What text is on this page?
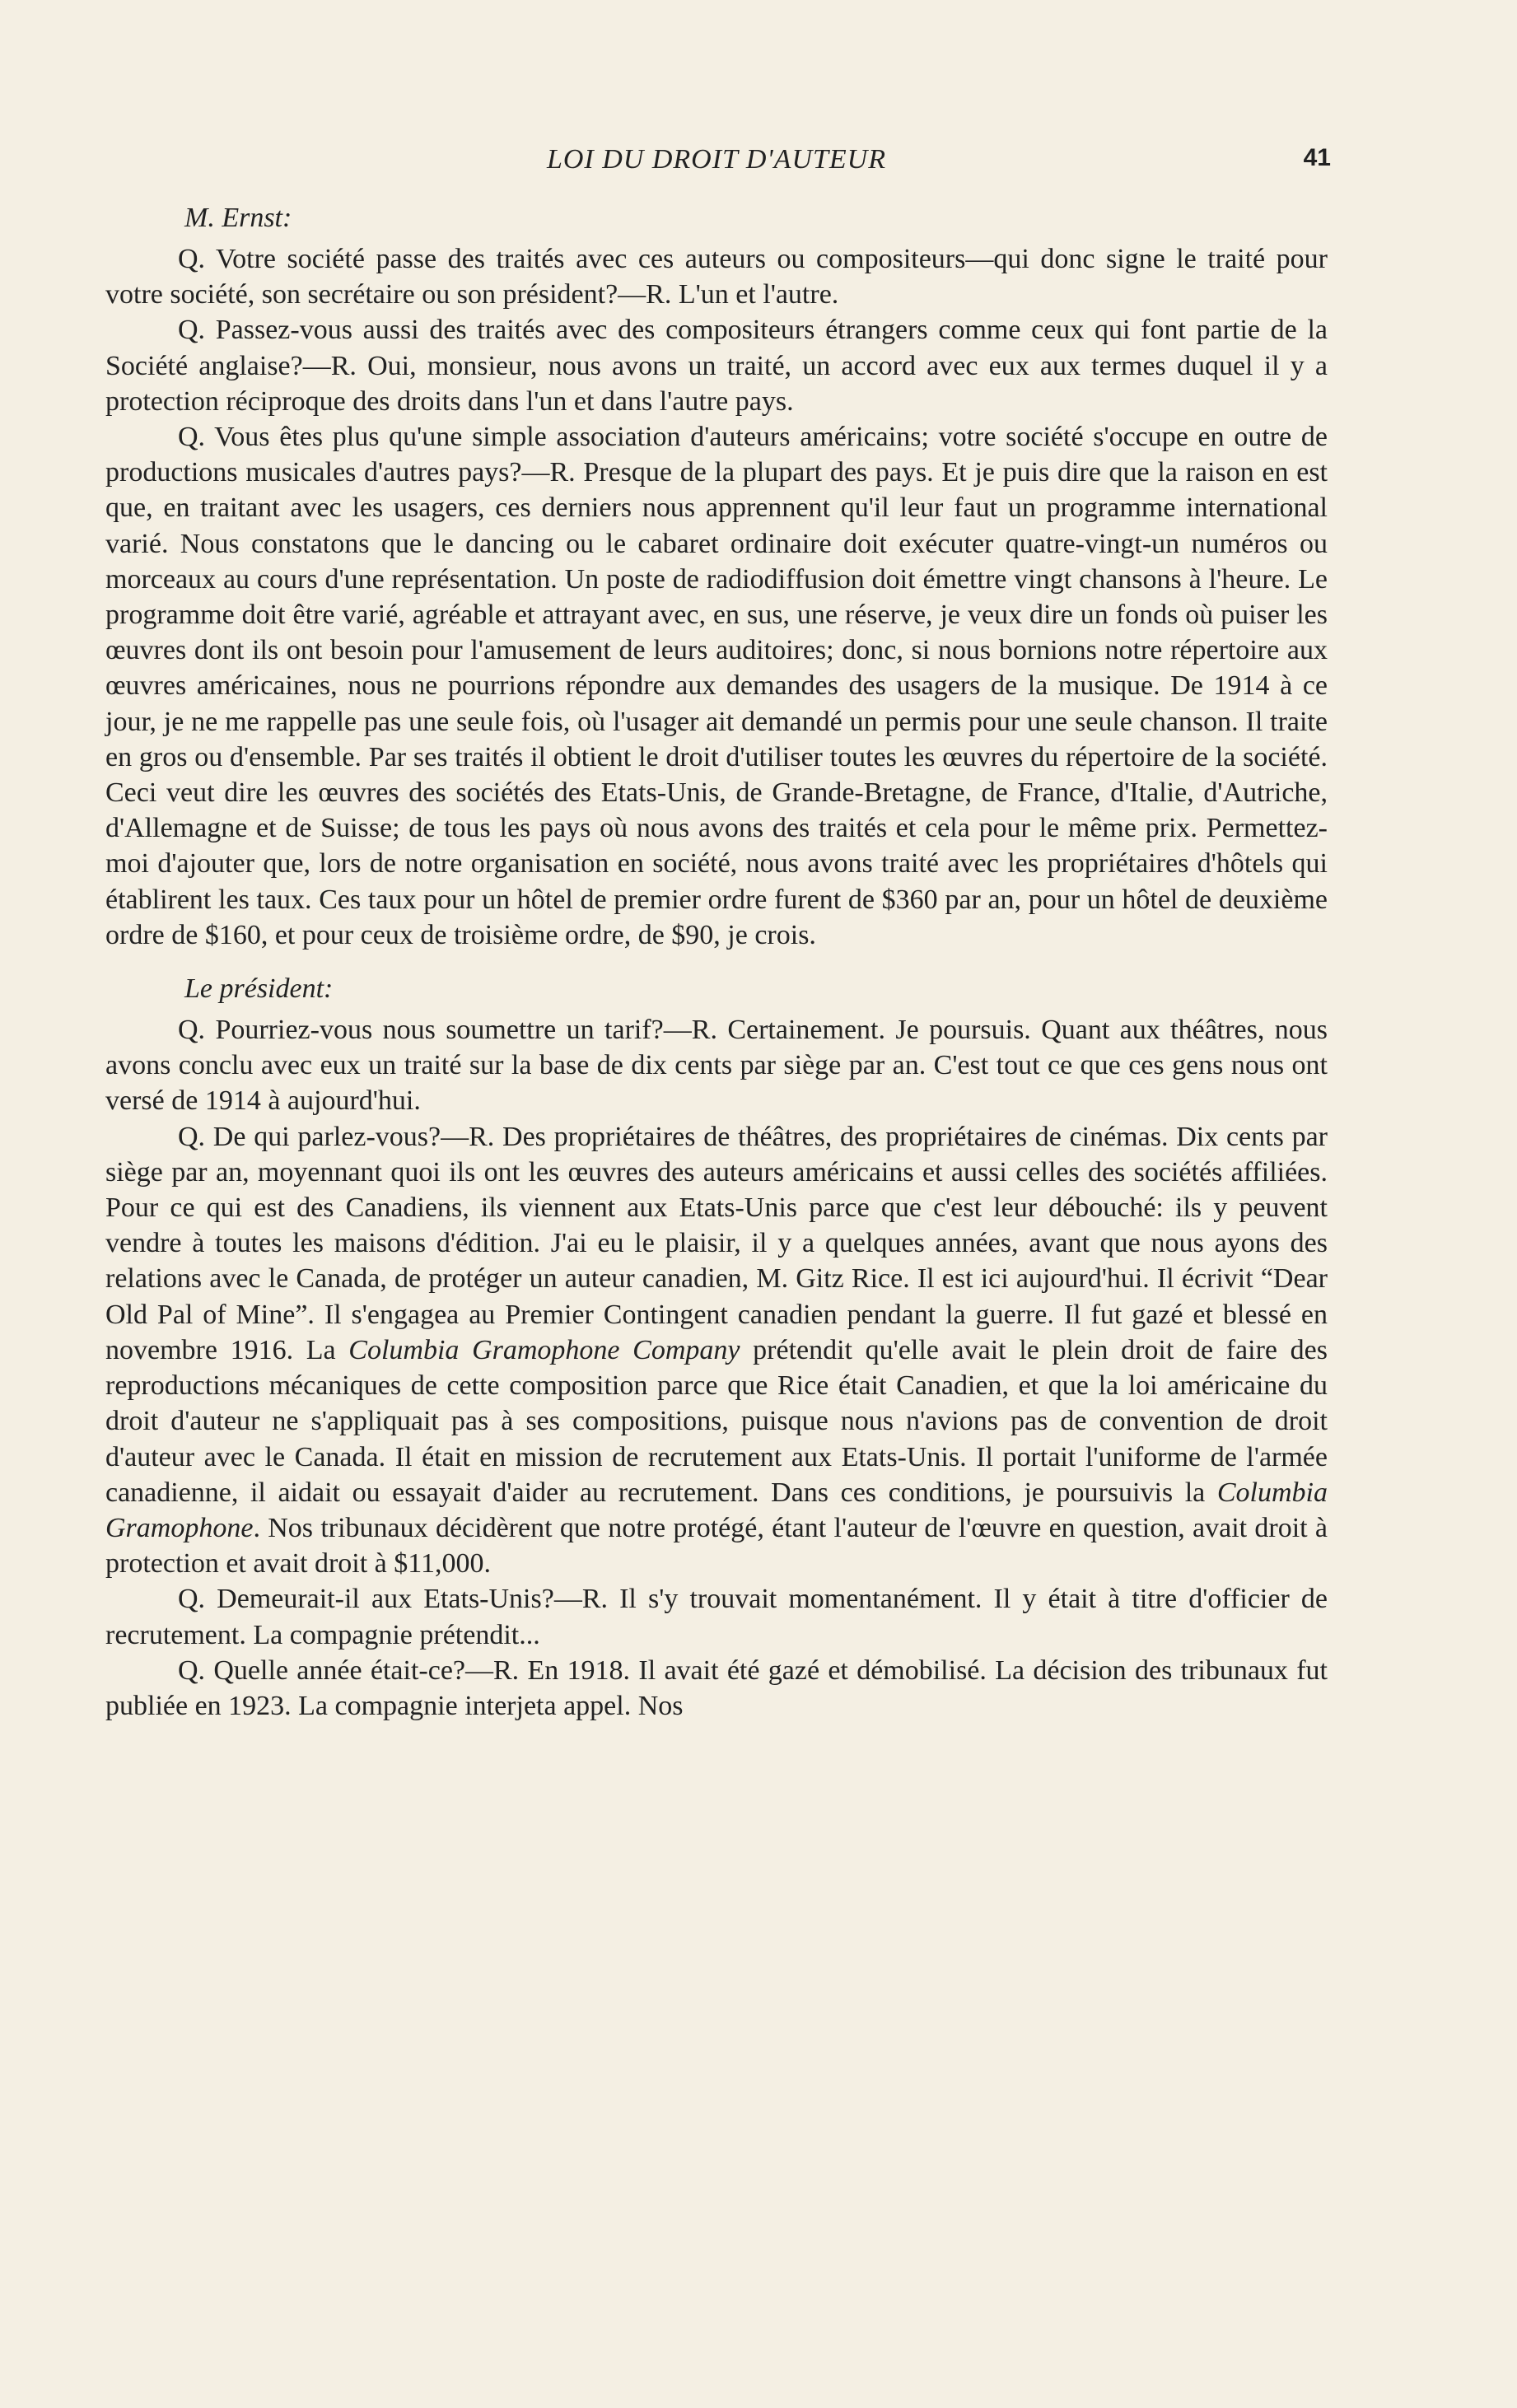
LOI DU DROIT D'AUTEUR	41
M. Ernst:

Q. Votre société passe des traités avec ces auteurs ou compositeurs—qui donc signe le traité pour votre société, son secrétaire ou son président?—R. L'un et l'autre.

Q. Passez-vous aussi des traités avec des compositeurs étrangers comme ceux qui font partie de la Société anglaise?—R. Oui, monsieur, nous avons un traité, un accord avec eux aux termes duquel il y a protection réciproque des droits dans l'un et dans l'autre pays.

Q. Vous êtes plus qu'une simple association d'auteurs américains; votre société s'occupe en outre de productions musicales d'autres pays?—R. Presque de la plupart des pays. Et je puis dire que la raison en est que, en traitant avec les usagers, ces derniers nous apprennent qu'il leur faut un programme international varié. Nous constatons que le dancing ou le cabaret ordinaire doit exécuter quatre-vingt-un numéros ou morceaux au cours d'une représentation. Un poste de radiodiffusion doit émettre vingt chansons à l'heure. Le programme doit être varié, agréable et attrayant avec, en sus, une réserve, je veux dire un fonds où puiser les œuvres dont ils ont besoin pour l'amusement de leurs auditoires; donc, si nous bornions notre répertoire aux œuvres américaines, nous ne pourrions répondre aux demandes des usagers de la musique. De 1914 à ce jour, je ne me rappelle pas une seule fois, où l'usager ait demandé un permis pour une seule chanson. Il traite en gros ou d'ensemble. Par ses traités il obtient le droit d'utiliser toutes les œuvres du répertoire de la société. Ceci veut dire les œuvres des sociétés des Etats-Unis, de Grande-Bretagne, de France, d'Italie, d'Autriche, d'Allemagne et de Suisse; de tous les pays où nous avons des traités et cela pour le même prix. Permettez-moi d'ajouter que, lors de notre organisation en société, nous avons traité avec les propriétaires d'hôtels qui établirent les taux. Ces taux pour un hôtel de premier ordre furent de $360 par an, pour un hôtel de deuxième ordre de $160, et pour ceux de troisième ordre, de $90, je crois.

Le président:

Q. Pourriez-vous nous soumettre un tarif?—R. Certainement. Je poursuis. Quant aux théâtres, nous avons conclu avec eux un traité sur la base de dix cents par siège par an. C'est tout ce que ces gens nous ont versé de 1914 à aujourd'hui.

Q. De qui parlez-vous?—R. Des propriétaires de théâtres, des propriétaires de cinémas. Dix cents par siège par an, moyennant quoi ils ont les œuvres des auteurs américains et aussi celles des sociétés affiliées. Pour ce qui est des Canadiens, ils viennent aux Etats-Unis parce que c'est leur débouché: ils y peuvent vendre à toutes les maisons d'édition. J'ai eu le plaisir, il y a quelques années, avant que nous ayons des relations avec le Canada, de protéger un auteur canadien, M. Gitz Rice. Il est ici aujourd'hui. Il écrivit “Dear Old Pal of Mine”. Il s'engagea au Premier Contingent canadien pendant la guerre. Il fut gazé et blessé en novembre 1916. La Columbia Gramophone Company prétendit qu'elle avait le plein droit de faire des reproductions mécaniques de cette composition parce que Rice était Canadien, et que la loi américaine du droit d'auteur ne s'appliquait pas à ses compositions, puisque nous n'avions pas de convention de droit d'auteur avec le Canada. Il était en mission de recrutement aux Etats-Unis. Il portait l'uniforme de l'armée canadienne, il aidait ou essayait d'aider au recrutement. Dans ces conditions, je poursuivis la Columbia Gramophone. Nos tribunaux décidèrent que notre protégé, étant l'auteur de l'œuvre en question, avait droit à protection et avait droit à $11,000.

Q. Demeurait-il aux Etats-Unis?—R. Il s'y trouvait momentanément. Il y était à titre d'officier de recrutement. La compagnie prétendit...

Q. Quelle année était-ce?—R. En 1918. Il avait été gazé et démobilisé. La décision des tribunaux fut publiée en 1923. La compagnie interjeta appel. Nos
